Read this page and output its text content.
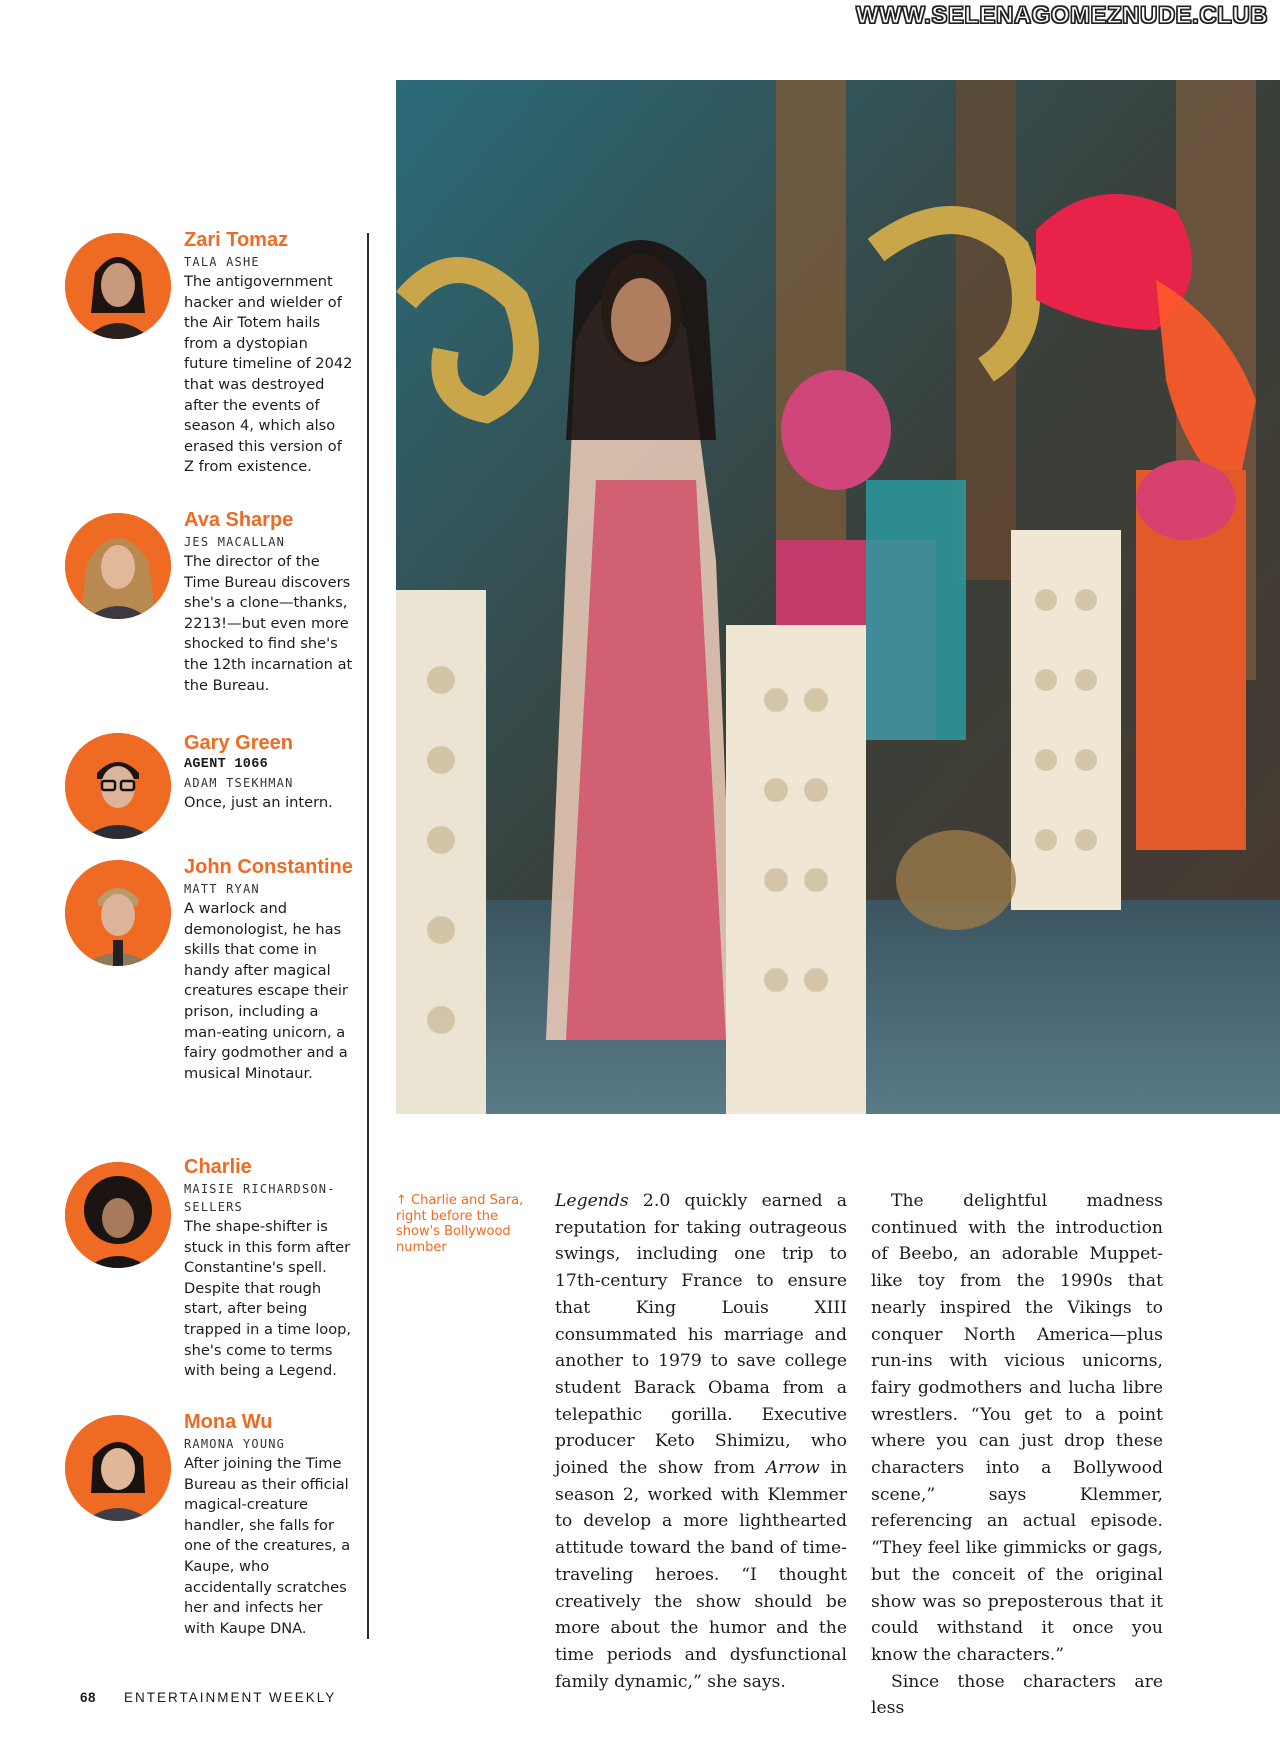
WWW.SELENAGOMEZNUDE.CLUB
Zari Tomaz
TALA ASHE
The antigovernment hacker and wielder of the Air Totem hails from a dystopian future timeline of 2042 that was destroyed after the events of season 4, which also erased this version of Z from existence.
Ava Sharpe
JES MACALLAN
The director of the Time Bureau discovers she's a clone—thanks, 2213!—but even more shocked to find she's the 12th incarnation at the Bureau.
Gary Green
AGENT 1066
ADAM TSEKHMAN
Once, just an intern.
John Constantine
MATT RYAN
A warlock and demonologist, he has skills that come in handy after magical creatures escape their prison, including a man-eating unicorn, a fairy godmother and a musical Minotaur.
Charlie
MAISIE RICHARDSON-SELLERS
The shape-shifter is stuck in this form after Constantine's spell. Despite that rough start, after being trapped in a time loop, she's come to terms with being a Legend.
Mona Wu
RAMONA YOUNG
After joining the Time Bureau as their official magical-creature handler, she falls for one of the creatures, a Kaupe, who accidentally scratches her and infects her with Kaupe DNA.
↑ Charlie and Sara, right before the show's Bollywood number

Legends 2.0 quickly earned a reputation for taking outrageous swings, including one trip to 17th-century France to ensure that King Louis XIII consummated his marriage and another to 1979 to save college student Barack Obama from a telepathic gorilla. Executive producer Keto Shimizu, who joined the show from Arrow in season 2, worked with Klemmer to develop a more lighthearted attitude toward the band of time-traveling heroes. “I thought creatively the show should be more about the humor and the time periods and dysfunctional family dynamic,” she says.

The delightful madness continued with the introduction of Beebo, an adorable Muppet-like toy from the 1990s that nearly inspired the Vikings to conquer North America—plus run-ins with vicious unicorns, fairy godmothers and lucha libre wrestlers. “You get to a point where you can just drop these characters into a Bollywood scene,” says Klemmer, referencing an actual episode. “They feel like gimmicks or gags, but the conceit of the original show was so preposterous that it could withstand it once you know the characters.”

Since those characters are less

68 ENTERTAINMENT WEEKLY
